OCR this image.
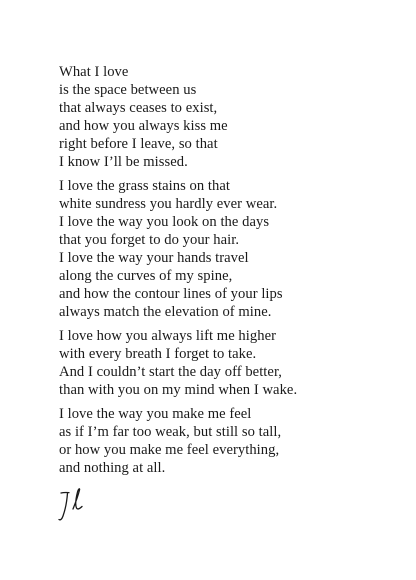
What I love
is the space between us
that always ceases to exist,
and how you always kiss me
right before I leave, so that
I know I’ll be missed.
I love the grass stains on that
white sundress you hardly ever wear.
I love the way you look on the days
that you forget to do your hair.
I love the way your hands travel
along the curves of my spine,
and how the contour lines of your lips
always match the elevation of mine.
I love how you always lift me higher
with every breath I forget to take.
And I couldn’t start the day off better,
than with you on my mind when I wake.
I love the way you make me feel
as if I’m far too weak, but still so tall,
or how you make me feel everything,
and nothing at all.
